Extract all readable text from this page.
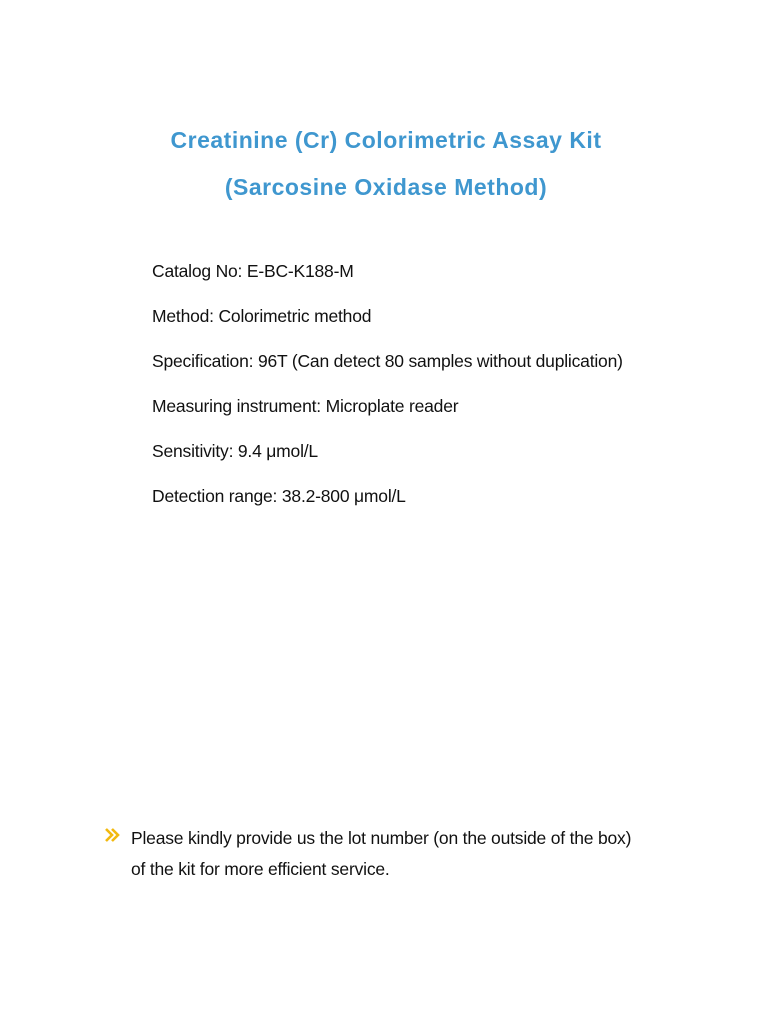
Creatinine (Cr) Colorimetric Assay Kit
(Sarcosine Oxidase Method)
Catalog No: E-BC-K188-M
Method: Colorimetric method
Specification: 96T (Can detect 80 samples without duplication)
Measuring instrument: Microplate reader
Sensitivity: 9.4 μmol/L
Detection range: 38.2-800 μmol/L
Please kindly provide us the lot number (on the outside of the box)
of the kit for more efficient service.
